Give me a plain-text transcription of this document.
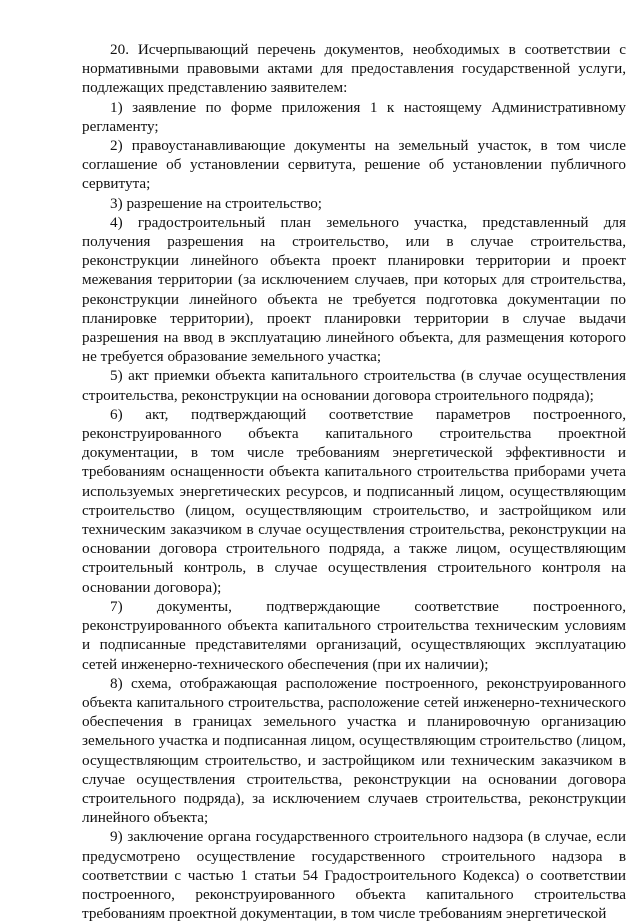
20. Исчерпывающий перечень документов, необходимых в соответствии с нормативными правовыми актами для предоставления государственной услуги, подлежащих представлению заявителем:

1) заявление по форме приложения 1 к настоящему Административному регламенту;

2) правоустанавливающие документы на земельный участок, в том числе соглашение об установлении сервитута, решение об установлении публичного сервитута;

3) разрешение на строительство;

4) градостроительный план земельного участка, представленный для получения разрешения на строительство, или в случае строительства, реконструкции линейного объекта проект планировки территории и проект межевания территории (за исключением случаев, при которых для строительства, реконструкции линейного объекта не требуется подготовка документации по планировке территории), проект планировки территории в случае выдачи разрешения на ввод в эксплуатацию линейного объекта, для размещения которого не требуется образование земельного участка;

5) акт приемки объекта капитального строительства (в случае осуществления строительства, реконструкции на основании договора строительного подряда);

6) акт, подтверждающий соответствие параметров построенного, реконструированного объекта капитального строительства проектной документации, в том числе требованиям энергетической эффективности и требованиям оснащенности объекта капитального строительства приборами учета используемых энергетических ресурсов, и подписанный лицом, осуществляющим строительство (лицом, осуществляющим строительство, и застройщиком или техническим заказчиком в случае осуществления строительства, реконструкции на основании договора строительного подряда, а также лицом, осуществляющим строительный контроль, в случае осуществления строительного контроля на основании договора);

7) документы, подтверждающие соответствие построенного, реконструированного объекта капитального строительства техническим условиям и подписанные представителями организаций, осуществляющих эксплуатацию сетей инженерно-технического обеспечения (при их наличии);

8) схема, отображающая расположение построенного, реконструированного объекта капитального строительства, расположение сетей инженерно-технического обеспечения в границах земельного участка и планировочную организацию земельного участка и подписанная лицом, осуществляющим строительство (лицом, осуществляющим строительство, и застройщиком или техническим заказчиком в случае осуществления строительства, реконструкции на основании договора строительного подряда), за исключением случаев строительства, реконструкции линейного объекта;

9) заключение органа государственного строительного надзора (в случае, если предусмотрено осуществление государственного строительного надзора в соответствии с частью 1 статьи 54 Градостроительного Кодекса) о соответствии построенного, реконструированного объекта капитального строительства требованиям проектной документации, в том числе требованиям энергетической
